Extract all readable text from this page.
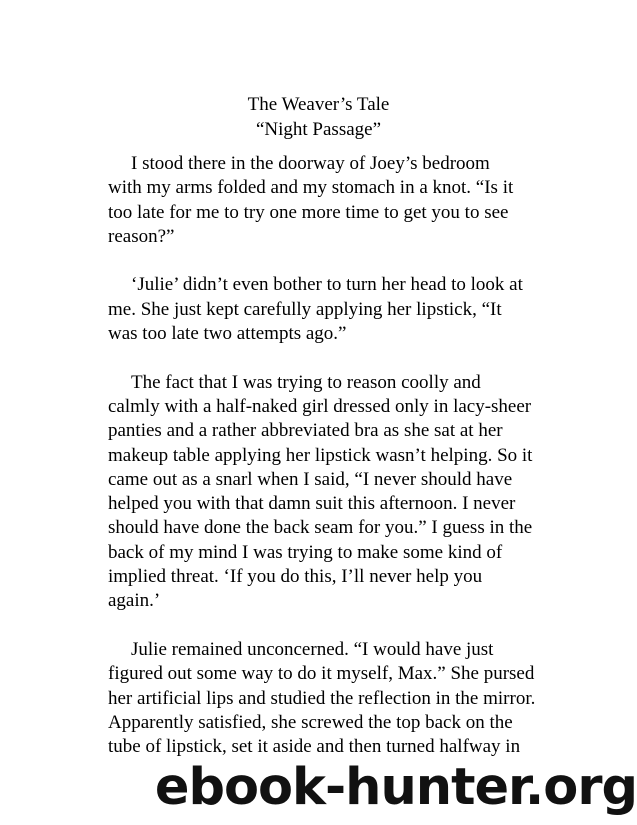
The Weaver’s Tale
“Night Passage”

I stood there in the doorway of Joey’s bedroom
with my arms folded and my stomach in a knot. “Is it
too late for me to try one more time to get you to see
reason?”

‘Julie’ didn’t even bother to turn her head to look at
me. She just kept carefully applying her lipstick, “It
was too late two attempts ago.”

The fact that I was trying to reason coolly and
calmly with a half-naked girl dressed only in lacy-sheer
panties and a rather abbreviated bra as she sat at her
makeup table applying her lipstick wasn’t helping. So it
came out as a snarl when I said, “I never should have
helped you with that damn suit this afternoon. I never
should have done the back seam for you.” I guess in the
back of my mind I was trying to make some kind of
implied threat. ‘If you do this, I’ll never help you
again.’

Julie remained unconcerned. “I would have just
figured out some way to do it myself, Max.” She pursed
her artificial lips and studied the reflection in the mirror.
Apparently satisfied, she screwed the top back on the
tube of lipstick, set it aside and then turned halfway in

ebook-hunter.org
